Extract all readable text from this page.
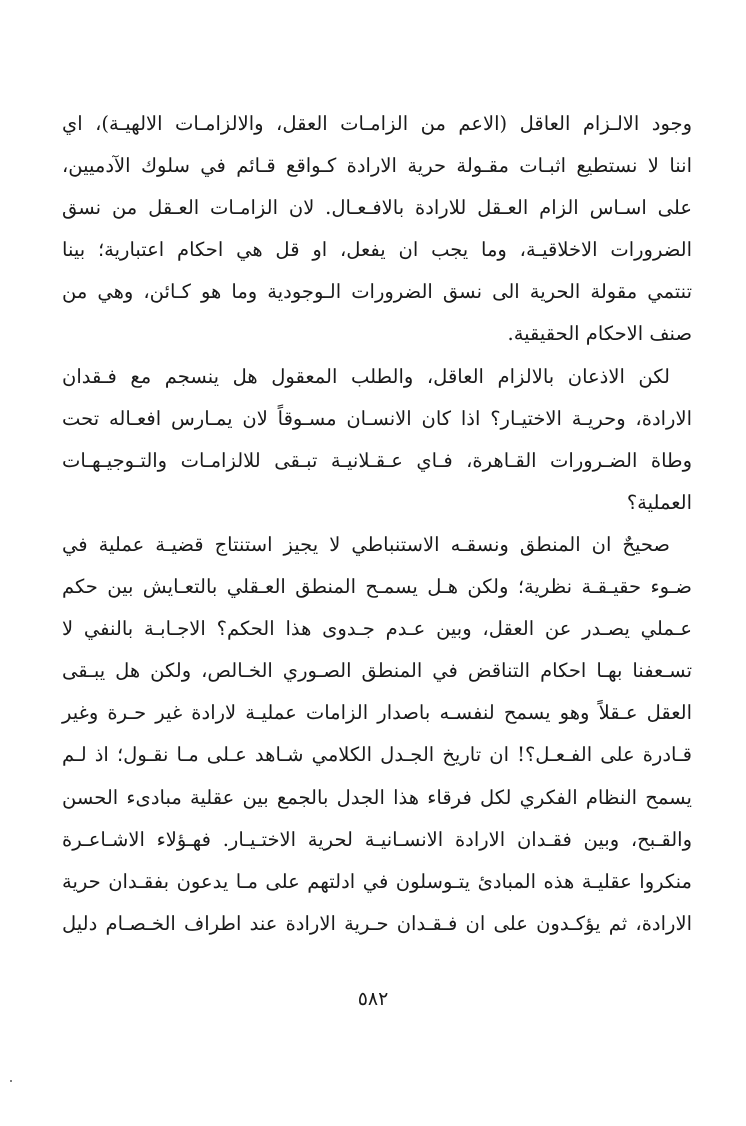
وجود الالـزام العاقل (الاعم من الزامـات العقل، والالزامـات الالهيـة)، اي
اننا لا نستطيع اثبـات مقـولة حرية الارادة كـواقع قـائم في سلوك الآدميين،
على اسـاس الزام العـقل للارادة بالافـعـال. لان الزامـات العـقل من نسق
الضرورات الاخلاقيـة، وما يجب ان يفعل، او قل هي احكام اعتبارية؛ بينا
تنتمي مقولة الحرية الى نسق الضرورات الـوجودية وما هو كـائن، وهي من
صنف الاحكام الحقيقية.
لكن الاذعان بالالزام العاقل، والطلب المعقول هل ينسجم مع فـقدان
الارادة، وحريـة الاختيـار؟ اذا كان الانسـان مسـوقاً لان يمـارس افعـاله تحت
وطاة الضـرورات القـاهرة، فـاي عـقـلانيـة تبـقى للالزامـات والتـوجيـهـات
العملية؟
صحيحٌ ان المنطق ونسقـه الاستنباطي لا يجيز استنتاج قضيـة عملية في
ضـوء حقيـقـة نظرية؛ ولكن هـل يسمـح المنطق العـقلي بالتعـايش بين حكم
عـملي يصـدر عن العقل، وبين عـدم جـدوى هذا الحكم؟ الاجـابـة بالنفي لا
تسـعفنا بهـا احكام التناقض في المنطق الصـوري الخـالص، ولكن هل يبـقى
العقل عـقلاً وهو يسمح لنفسـه باصدار الزامات عمليـة لارادة غير حـرة وغير
قـادرة على الفـعـل؟! ان تاريخ الجـدل الكلامي شـاهد عـلى مـا نقـول؛ اذ لـم
يسمح النظام الفكري لكل فرقاء هذا الجدل بالجمع بين عقلية مبادىء الحسن
والقـبح، وبين فقـدان الارادة الانسـانيـة لحرية الاختـيـار. فهـؤلاء الاشـاعـرة
منكروا عقليـة هذه المبادئ يتـوسلون في ادلتهم على مـا يدعون بفقـدان حرية
الارادة، ثم يؤكـدون على ان فـقـدان حـرية الارادة عند اطراف الخـصـام دليل
٥٨٢
